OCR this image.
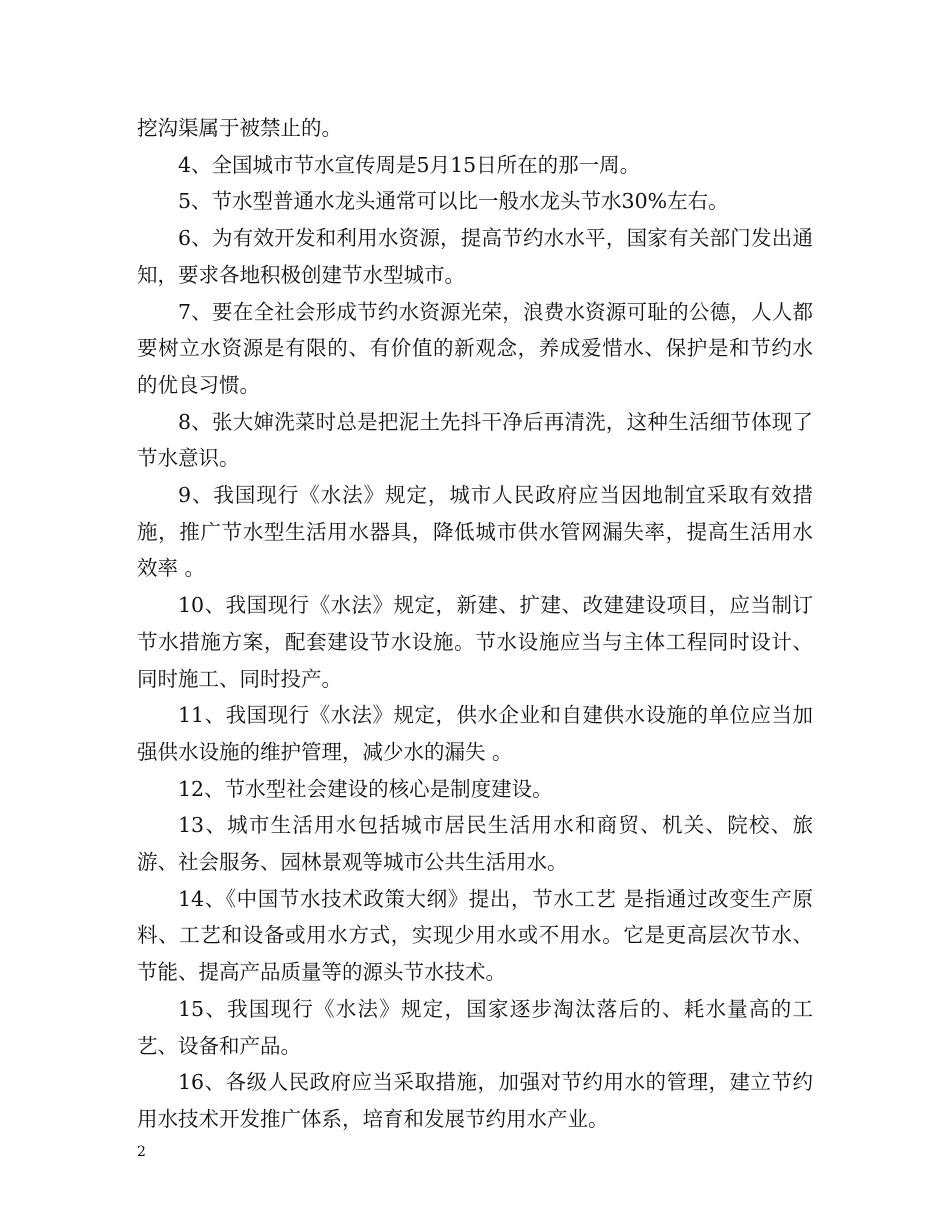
挖沟渠属于被禁止的。

4、全国城市节水宣传周是5月15日所在的那一周。

5、节水型普通水龙头通常可以比一般水龙头节水30%左右。

6、为有效开发和利用水资源，提高节约水水平，国家有关部门发出通知，要求各地积极创建节水型城市。

7、要在全社会形成节约水资源光荣，浪费水资源可耻的公德，人人都要树立水资源是有限的、有价值的新观念，养成爱惜水、保护是和节约水的优良习惯。

8、张大婶洗菜时总是把泥土先抖干净后再清洗，这种生活细节体现了节水意识。

9、我国现行《水法》规定，城市人民政府应当因地制宜采取有效措施，推广节水型生活用水器具，降低城市供水管网漏失率，提高生活用水效率 。

10、我国现行《水法》规定，新建、扩建、改建建设项目，应当制订节水措施方案，配套建设节水设施。节水设施应当与主体工程同时设计、同时施工、同时投产。

11、我国现行《水法》规定，供水企业和自建供水设施的单位应当加强供水设施的维护管理，减少水的漏失 。

12、节水型社会建设的核心是制度建设。

13、城市生活用水包括城市居民生活用水和商贸、机关、院校、旅游、社会服务、园林景观等城市公共生活用水。

14、《中国节水技术政策大纲》提出，节水工艺 是指通过改变生产原料、工艺和设备或用水方式，实现少用水或不用水。它是更高层次节水、节能、提高产品质量等的源头节水技术。

15、我国现行《水法》规定，国家逐步淘汰落后的、耗水量高的工艺、设备和产品。

16、各级人民政府应当采取措施，加强对节约用水的管理，建立节约用水技术开发推广体系，培育和发展节约用水产业。

2
